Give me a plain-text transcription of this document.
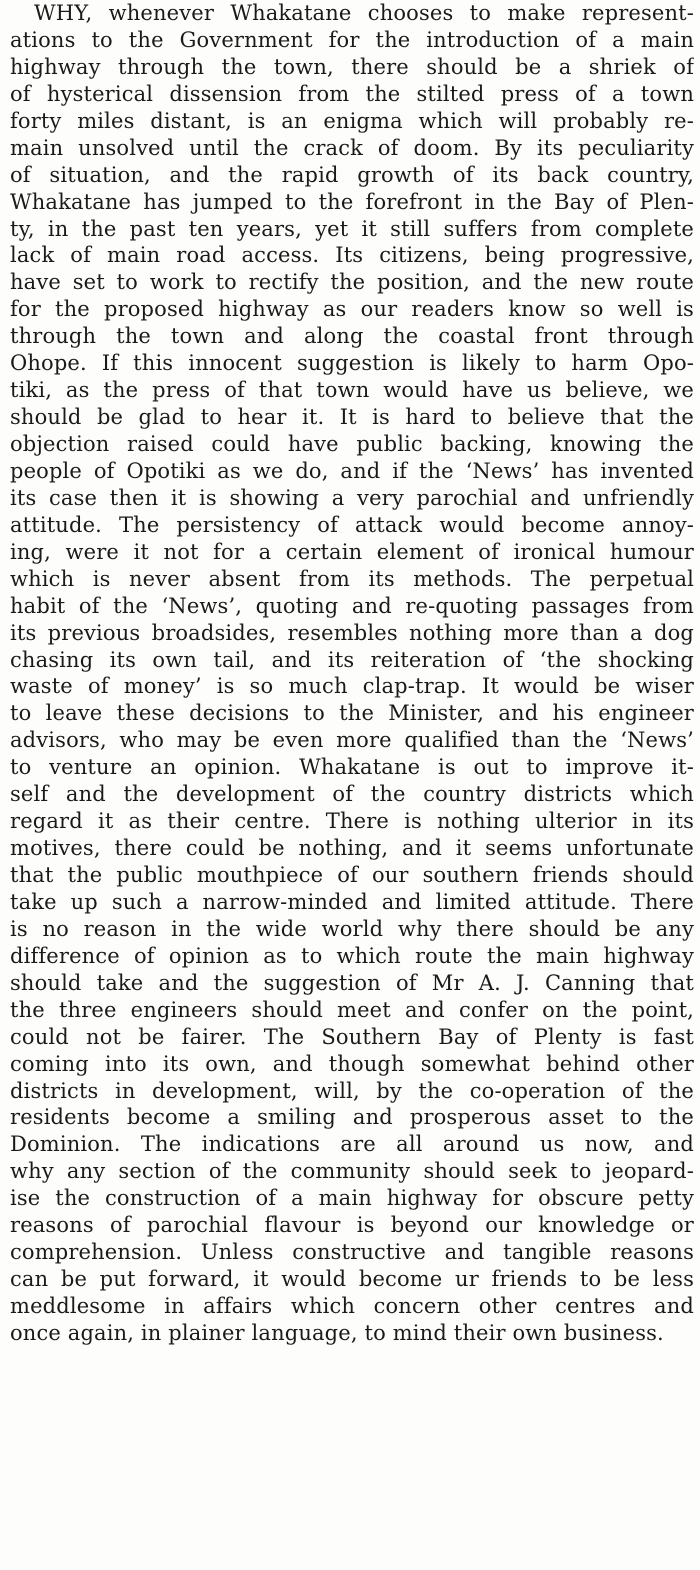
WHY, whenever Whakatane chooses to make represent-
ations to the Government for the introduction of a main
highway through the town, there should be a shriek of
of hysterical dissension from the stilted press of a town
forty miles distant, is an enigma which will probably re-
main unsolved until the crack of doom. By its peculiarity
of situation, and the rapid growth of its back country,
Whakatane has jumped to the forefront in the Bay of Plen-
ty, in the past ten years, yet it still suffers from complete
lack of main road access. Its citizens, being progressive,
have set to work to rectify the position, and the new route
for the proposed highway as our readers know so well is
through the town and along the coastal front through
Ohope. If this innocent suggestion is likely to harm Opo-
tiki, as the press of that town would have us believe, we
should be glad to hear it. It is hard to believe that the
objection raised could have public backing, knowing the
people of Opotiki as we do, and if the ‘News’ has invented
its case then it is showing a very parochial and unfriendly
attitude. The persistency of attack would become annoy-
ing, were it not for a certain element of ironical humour
which is never absent from its methods. The perpetual
habit of the ‘News’, quoting and re-quoting passages from
its previous broadsides, resembles nothing more than a dog
chasing its own tail, and its reiteration of ‘the shocking
waste of money’ is so much clap-trap. It would be wiser
to leave these decisions to the Minister, and his engineer
advisors, who may be even more qualified than the ‘News’
to venture an opinion. Whakatane is out to improve it-
self and the development of the country districts which
regard it as their centre. There is nothing ulterior in its
motives, there could be nothing, and it seems unfortunate
that the public mouthpiece of our southern friends should
take up such a narrow-minded and limited attitude. There
is no reason in the wide world why there should be any
difference of opinion as to which route the main highway
should take and the suggestion of Mr A. J. Canning that
the three engineers should meet and confer on the point,
could not be fairer. The Southern Bay of Plenty is fast
coming into its own, and though somewhat behind other
districts in development, will, by the co-operation of the
residents become a smiling and prosperous asset to the
Dominion. The indications are all around us now, and
why any section of the community should seek to jeopard-
ise the construction of a main highway for obscure petty
reasons of parochial flavour is beyond our knowledge or
comprehension. Unless constructive and tangible reasons
can be put forward, it would become ur friends to be less
meddlesome in affairs which concern other centres and
once again, in plainer language, to mind their own business.
